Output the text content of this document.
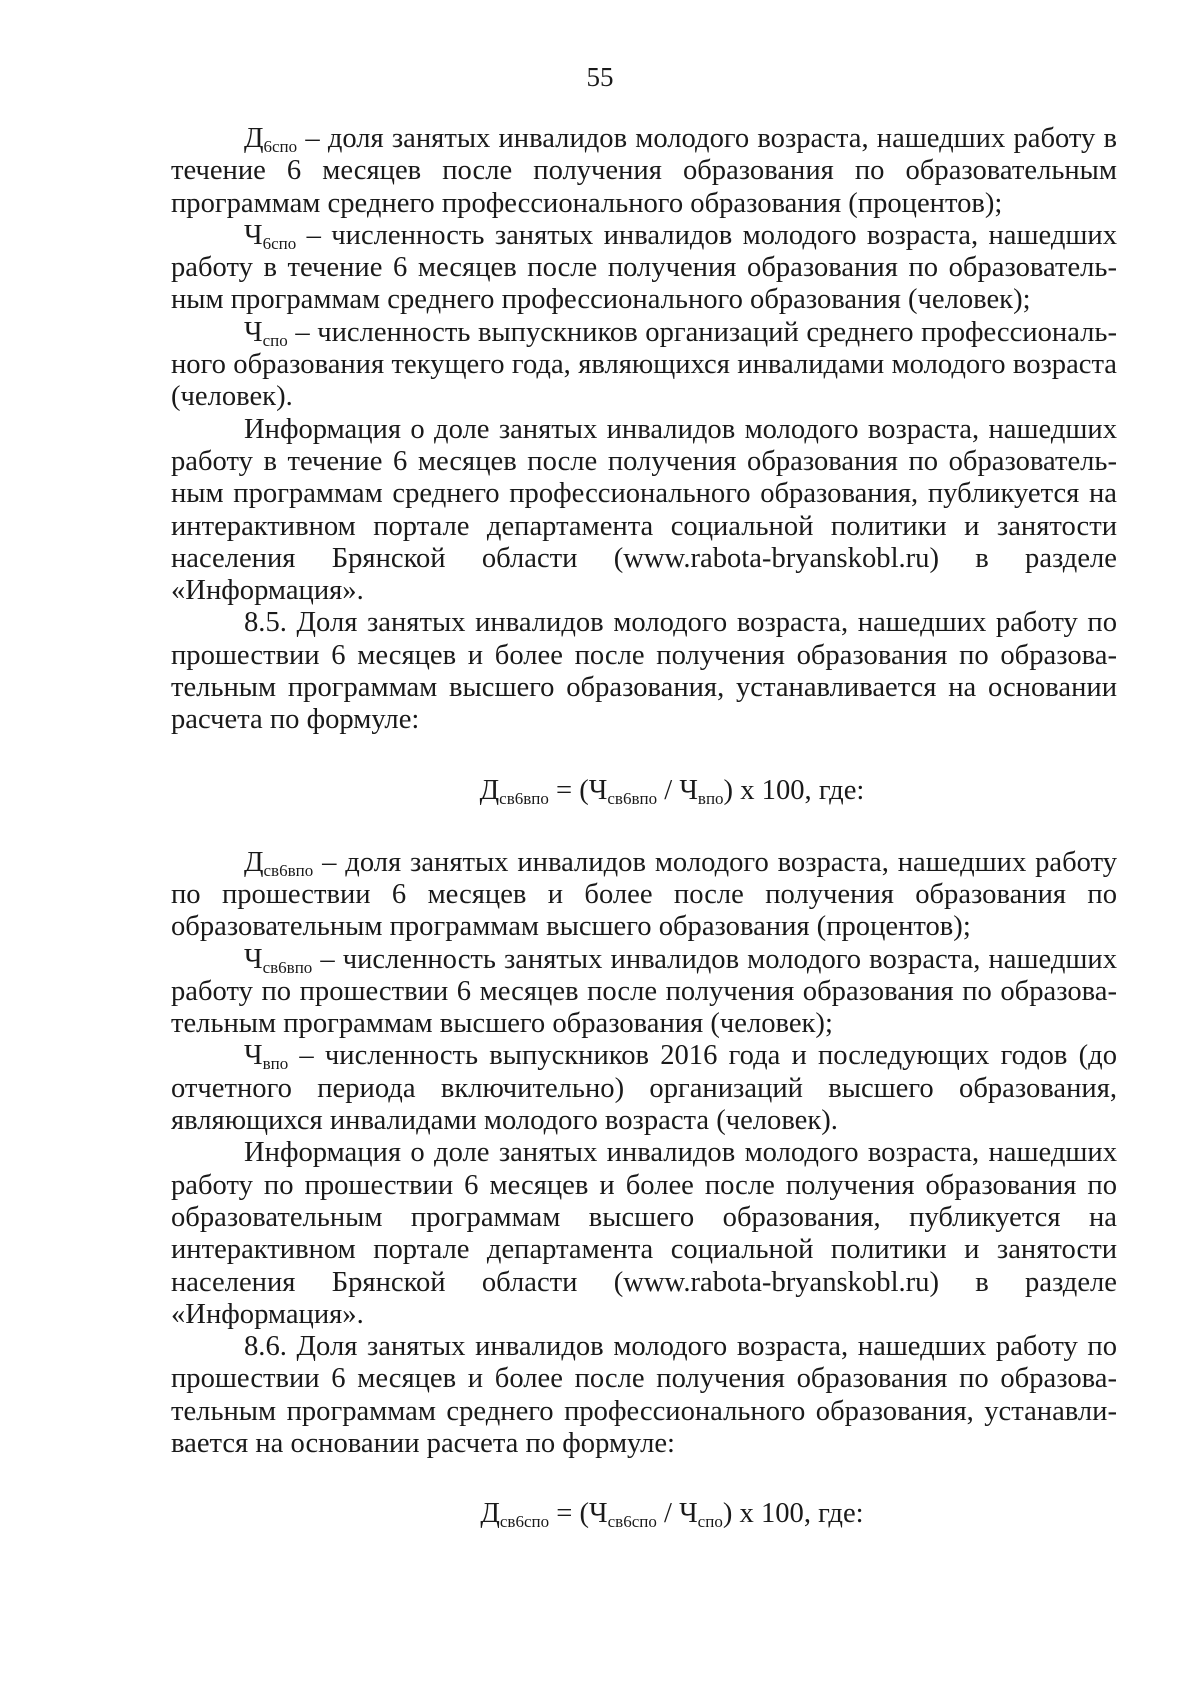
55

$Д_{6спо}$ – доля занятых инвалидов молодого возраста, нашедших работу в течение 6 месяцев после получения образования по образовательным программам среднего профессионального образования (процентов);

$Ч_{6спо}$ – численность занятых инвалидов молодого возраста, нашедших работу в течение 6 месяцев после получения образования по образовательным программам среднего профессионального образования (человек);

$Ч_{спо}$ – численность выпускников организаций среднего профессионального образования текущего года, являющихся инвалидами молодого возраста (человек).

Информация о доле занятых инвалидов молодого возраста, нашедших работу в течение 6 месяцев после получения образования по образовательным программам среднего профессионального образования, публикуется на интерактивном портале департамента социальной политики и занятости населения Брянской области (www.rabota-bryanskobl.ru) в разделе «Информация».

8.5. Доля занятых инвалидов молодого возраста, нашедших работу по прошествии 6 месяцев и более после получения образования по образовательным программам высшего образования, устанавливается на основании расчета по формуле:

$Д_{св6впо} = (Ч_{св6впо} / Ч_{впо})$ х 100, где:

$Д_{св6впо}$ – доля занятых инвалидов молодого возраста, нашедших работу по прошествии 6 месяцев и более после получения образования по образовательным программам высшего образования (процентов);

$Ч_{св6впо}$ – численность занятых инвалидов молодого возраста, нашедших работу по прошествии 6 месяцев после получения образования по образовательным программам высшего образования (человек);

$Ч_{впо}$ – численность выпускников 2016 года и последующих годов (до отчетного периода включительно) организаций высшего образования, являющихся инвалидами молодого возраста (человек).

Информация о доле занятых инвалидов молодого возраста, нашедших работу по прошествии 6 месяцев и более после получения образования по образовательным программам высшего образования, публикуется на интерактивном портале департамента социальной политики и занятости населения Брянской области (www.rabota-bryanskobl.ru) в разделе «Информация».

8.6. Доля занятых инвалидов молодого возраста, нашедших работу по прошествии 6 месяцев и более после получения образования по образовательным программам среднего профессионального образования, устанавливается на основании расчета по формуле:

$Д_{св6спо} = (Ч_{св6спо} / Ч_{спо})$ х 100, где:
